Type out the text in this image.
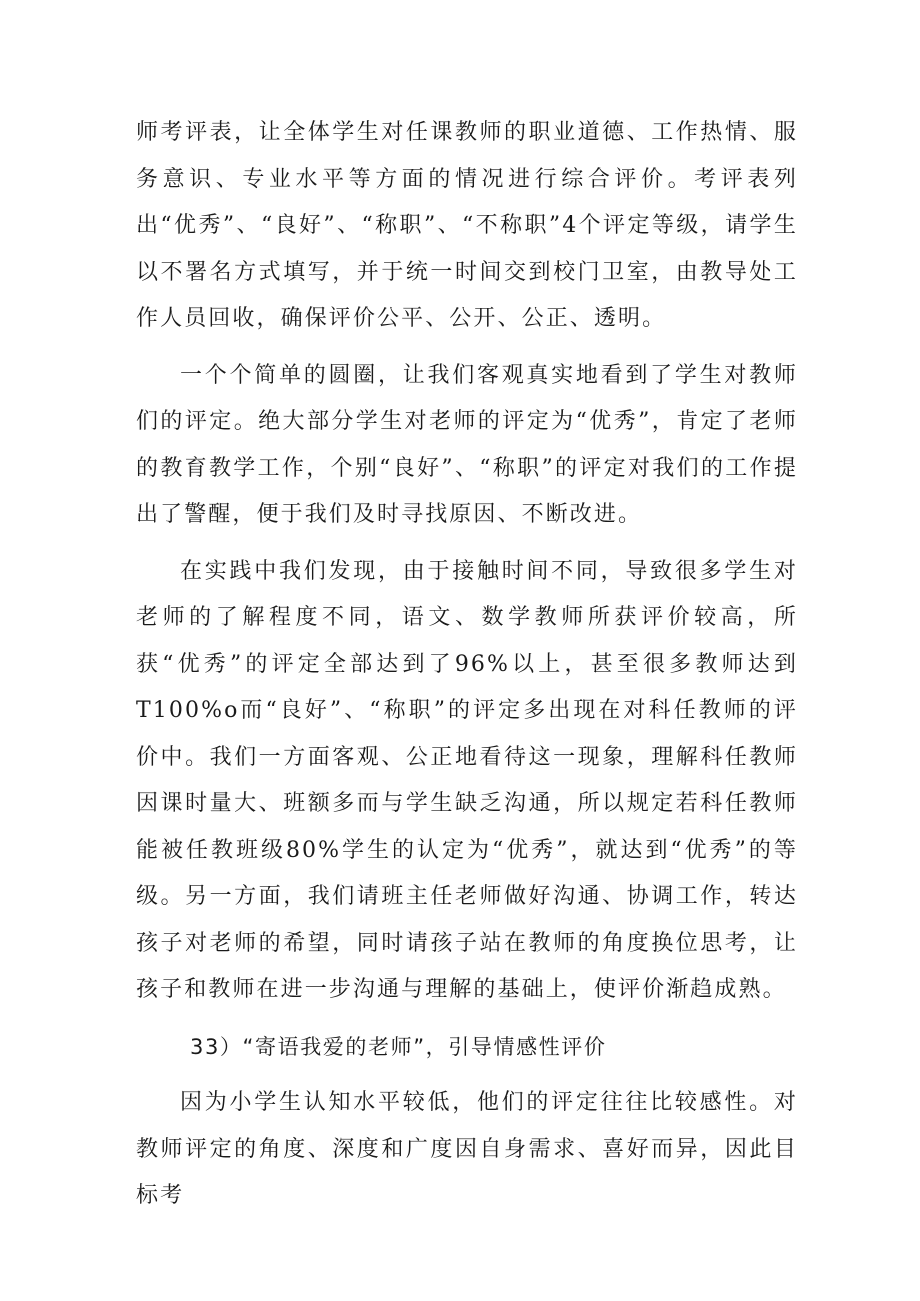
师考评表，让全体学生对任课教师的职业道德、工作热情、服务意识、专业水平等方面的情况进行综合评价。考评表列出“优秀”、“良好”、“称职”、“不称职”4个评定等级，请学生以不署名方式填写，并于统一时间交到校门卫室，由教导处工作人员回收，确保评价公平、公开、公正、透明。

一个个简单的圆圈，让我们客观真实地看到了学生对教师们的评定。绝大部分学生对老师的评定为“优秀”，肯定了老师的教育教学工作，个别“良好”、“称职”的评定对我们的工作提出了警醒，便于我们及时寻找原因、不断改进。

在实践中我们发现，由于接触时间不同，导致很多学生对老师的了解程度不同，语文、数学教师所获评价较高，所获“优秀”的评定全部达到了96%以上，甚至很多教师达到T100%o而“良好”、“称职”的评定多出现在对科任教师的评价中。我们一方面客观、公正地看待这一现象，理解科任教师因课时量大、班额多而与学生缺乏沟通，所以规定若科任教师能被任教班级80%学生的认定为“优秀”，就达到“优秀”的等级。另一方面，我们请班主任老师做好沟通、协调工作，转达孩子对老师的希望，同时请孩子站在教师的角度换位思考，让孩子和教师在进一步沟通与理解的基础上，使评价渐趋成熟。

33）“寄语我爱的老师”，引导情感性评价

因为小学生认知水平较低，他们的评定往往比较感性。对教师评定的角度、深度和广度因自身需求、喜好而异，因此目标考
